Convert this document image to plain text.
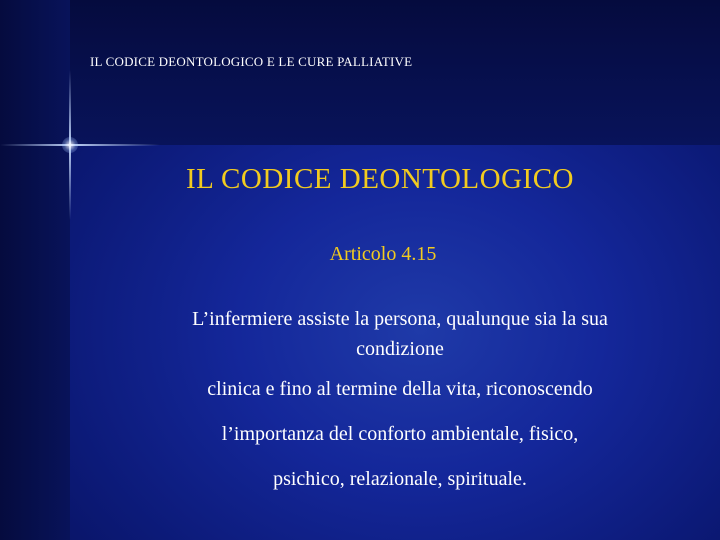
IL CODICE DEONTOLOGICO E LE CURE PALLIATIVE
IL CODICE DEONTOLOGICO
Articolo 4.15
L’infermiere assiste la persona, qualunque sia la sua
condizione
clinica e fino al termine della vita, riconoscendo
l’importanza del conforto ambientale, fisico,
psichico, relazionale, spirituale.
